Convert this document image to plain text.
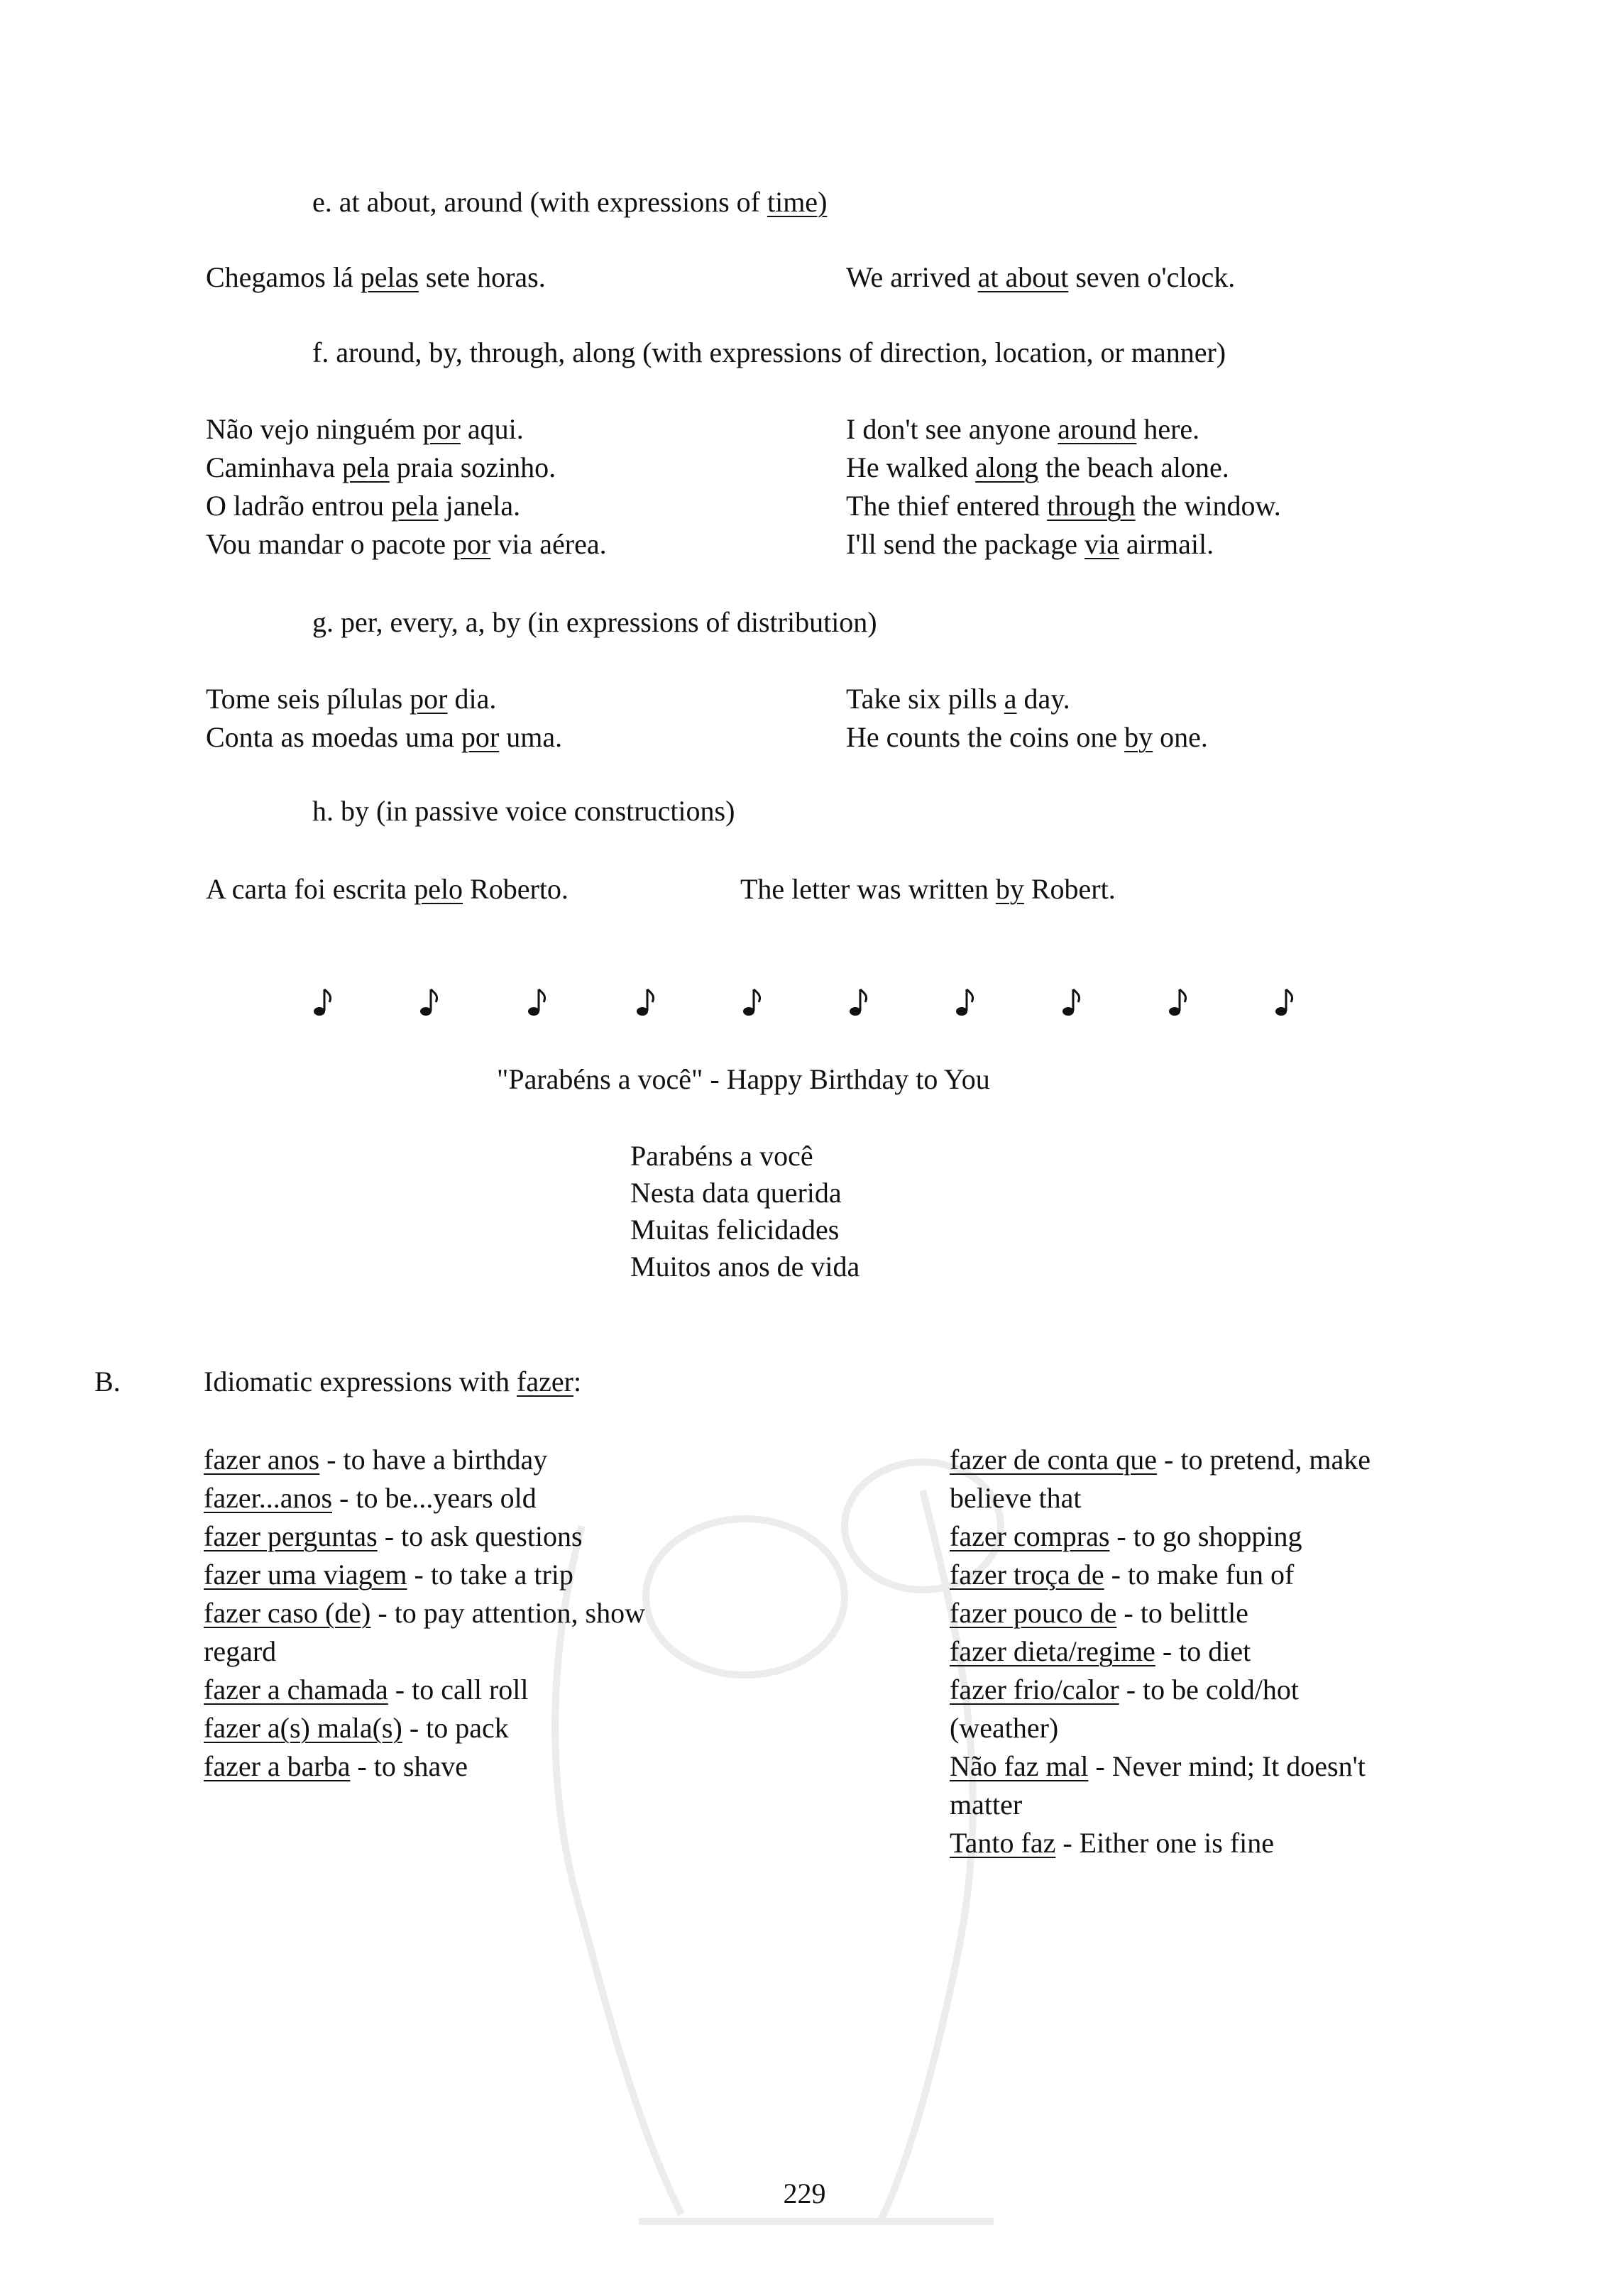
e. at about, around (with expressions of time)
Chegamos lá pelas sete horas.	We arrived at about seven o'clock.
f. around, by, through, along (with expressions of direction, location, or manner)
Não vejo ninguém por aqui.	I don't see anyone around here.
Caminhava pela praia sozinho.	He walked along the beach alone.
O ladrão entrou pela janela.	The thief entered through the window.
Vou mandar o pacote por via aérea.	I'll send the package via airmail.
g. per, every, a, by (in expressions of distribution)
Tome seis pílulas por dia.	Take six pills a day.
Conta as moedas uma por uma.	He counts the coins one by one.
h. by (in passive voice constructions)
A carta foi escrita pelo Roberto.	The letter was written by Robert.
"Parabéns a você" - Happy Birthday to You
Parabéns a você
Nesta data querida
Muitas felicidades
Muitos anos de vida
B.	Idiomatic expressions with fazer:
fazer anos - to have a birthday
fazer...anos - to be...years old
fazer perguntas - to ask questions
fazer uma viagem - to take a trip
fazer caso (de) - to pay attention, show
regard
fazer a chamada - to call roll
fazer a(s) mala(s) - to pack
fazer a barba - to shave
fazer de conta que - to pretend, make
believe that
fazer compras - to go shopping
fazer troça de - to make fun of
fazer pouco de - to belittle
fazer dieta/regime - to diet
fazer frio/calor - to be cold/hot
(weather)
Não faz mal - Never mind; It doesn't
matter
Tanto faz - Either one is fine
229
